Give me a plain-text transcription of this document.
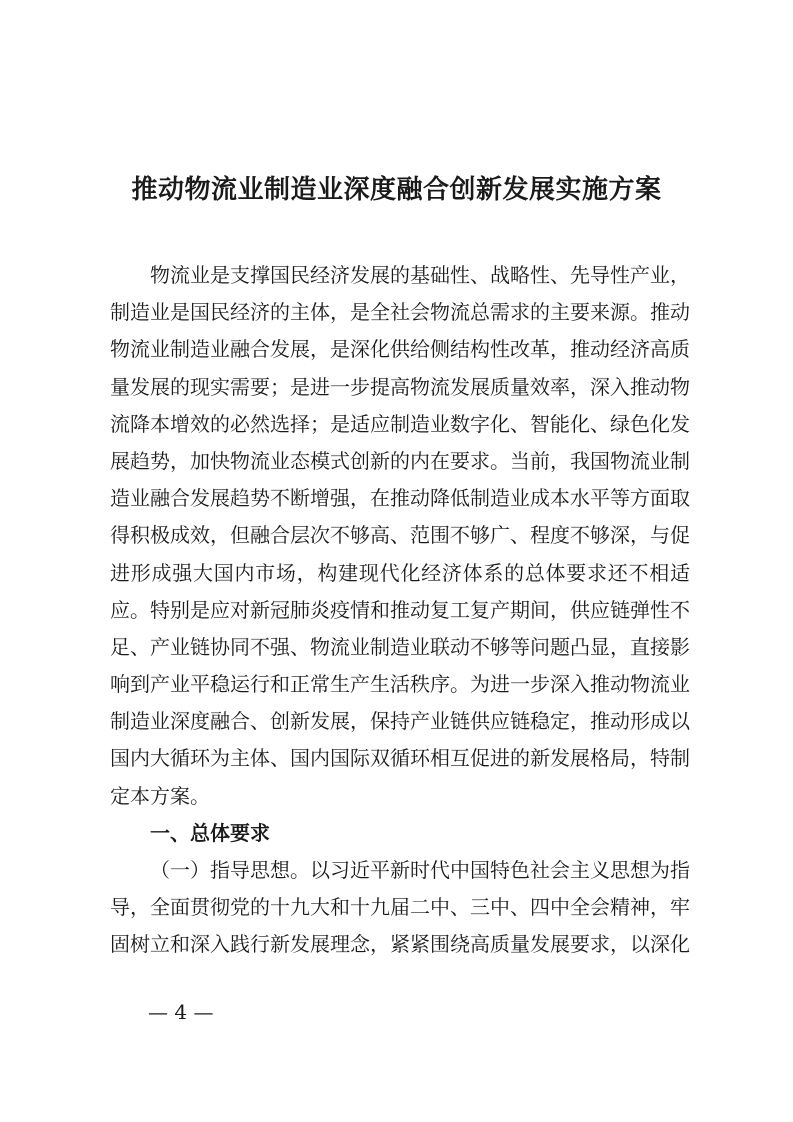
推动物流业制造业深度融合创新发展实施方案
物流业是支撑国民经济发展的基础性、战略性、先导性产业，
制造业是国民经济的主体，是全社会物流总需求的主要来源。推动
物流业制造业融合发展，是深化供给侧结构性改革，推动经济高质
量发展的现实需要；是进一步提高物流发展质量效率，深入推动物
流降本增效的必然选择；是适应制造业数字化、智能化、绿色化发
展趋势，加快物流业态模式创新的内在要求。当前，我国物流业制
造业融合发展趋势不断增强，在推动降低制造业成本水平等方面取
得积极成效，但融合层次不够高、范围不够广、程度不够深，与促
进形成强大国内市场，构建现代化经济体系的总体要求还不相适
应。特别是应对新冠肺炎疫情和推动复工复产期间，供应链弹性不
足、产业链协同不强、物流业制造业联动不够等问题凸显，直接影
响到产业平稳运行和正常生产生活秩序。为进一步深入推动物流业
制造业深度融合、创新发展，保持产业链供应链稳定，推动形成以
国内大循环为主体、国内国际双循环相互促进的新发展格局，特制
定本方案。
一、总体要求
（一）指导思想。以习近平新时代中国特色社会主义思想为指
导，全面贯彻党的十九大和十九届二中、三中、四中全会精神，牢
固树立和深入践行新发展理念，紧紧围绕高质量发展要求，以深化
— 4 —
